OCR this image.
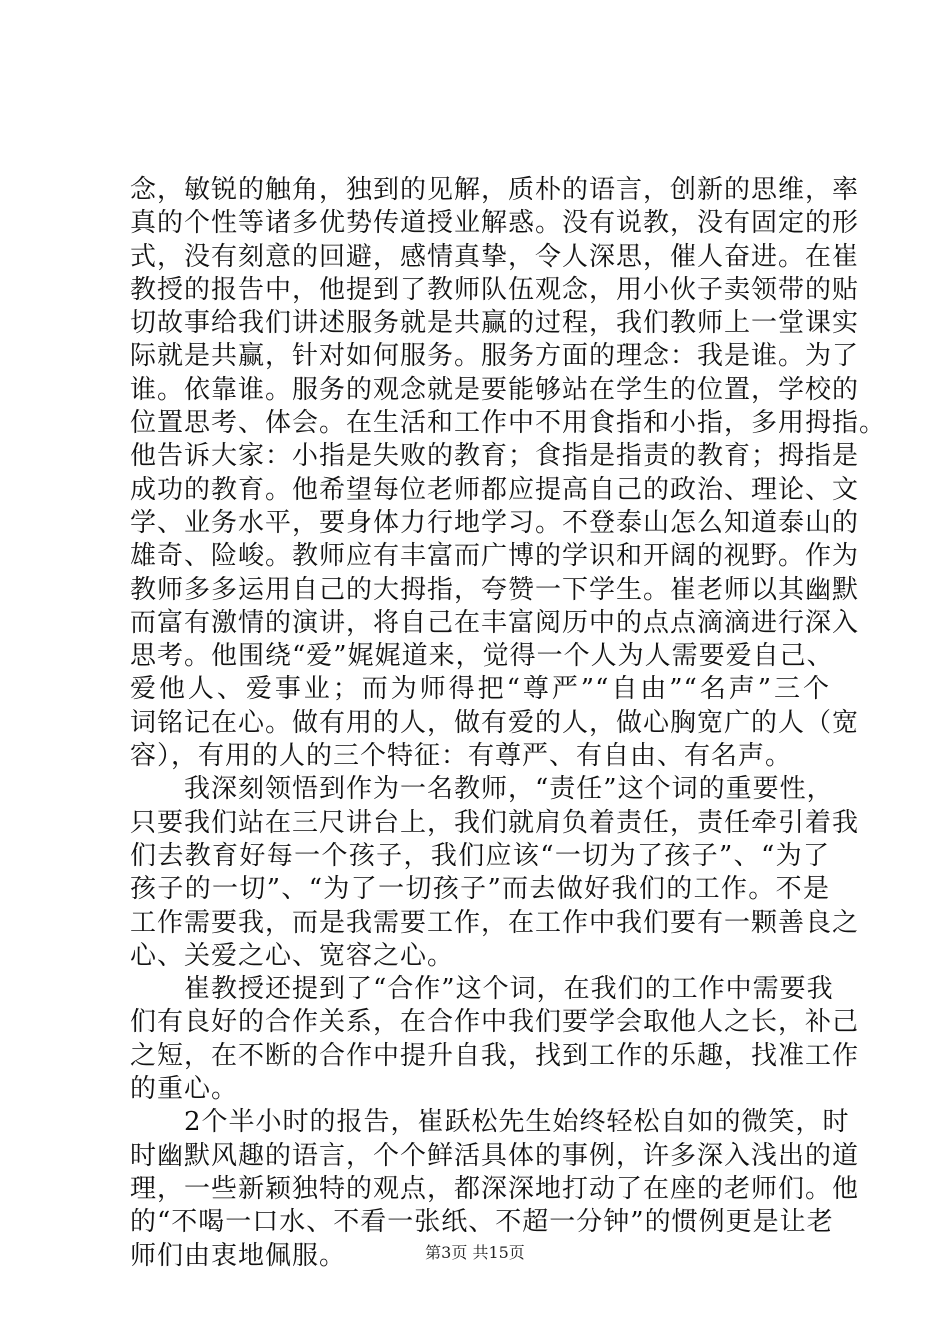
念，敏锐的触角，独到的见解，质朴的语言，创新的思维，率
真的个性等诸多优势传道授业解惑。没有说教，没有固定的形
式，没有刻意的回避，感情真挚，令人深思，催人奋进。在崔
教授的报告中，他提到了教师队伍观念，用小伙子卖领带的贴
切故事给我们讲述服务就是共赢的过程，我们教师上一堂课实
际就是共赢，针对如何服务。服务方面的理念：我是谁。为了
谁。依靠谁。服务的观念就是要能够站在学生的位置，学校的
位置思考、体会。在生活和工作中不用食指和小指，多用拇指。
他告诉大家：小指是失败的教育；食指是指责的教育；拇指是
成功的教育。他希望每位老师都应提高自己的政治、理论、文
学、业务水平，要身体力行地学习。不登泰山怎么知道泰山的
雄奇、险峻。教师应有丰富而广博的学识和开阔的视野。作为
教师多多运用自己的大拇指，夸赞一下学生。崔老师以其幽默
而富有激情的演讲，将自己在丰富阅历中的点点滴滴进行深入
思考。他围绕“爱”娓娓道来，觉得一个人为人需要爱自己、
爱他人、爱事业；而为师得把“尊严”“自由”“名声”三个
词铭记在心。做有用的人，做有爱的人，做心胸宽广的人（宽
容），有用的人的三个特征：有尊严、有自由、有名声。
　　我深刻领悟到作为一名教师，“责任”这个词的重要性，
只要我们站在三尺讲台上，我们就肩负着责任，责任牵引着我
们去教育好每一个孩子，我们应该“一切为了孩子”、“为了
孩子的一切”、“为了一切孩子”而去做好我们的工作。不是
工作需要我，而是我需要工作，在工作中我们要有一颗善良之
心、关爱之心、宽容之心。
　　崔教授还提到了“合作”这个词，在我们的工作中需要我
们有良好的合作关系，在合作中我们要学会取他人之长，补己
之短，在不断的合作中提升自我，找到工作的乐趣，找准工作
的重心。
　　2个半小时的报告，崔跃松先生始终轻松自如的微笑，时
时幽默风趣的语言，个个鲜活具体的事例，许多深入浅出的道
理，一些新颖独特的观点，都深深地打动了在座的老师们。他
的“不喝一口水、不看一张纸、不超一分钟”的惯例更是让老
师们由衷地佩服。	第3页 共15页
